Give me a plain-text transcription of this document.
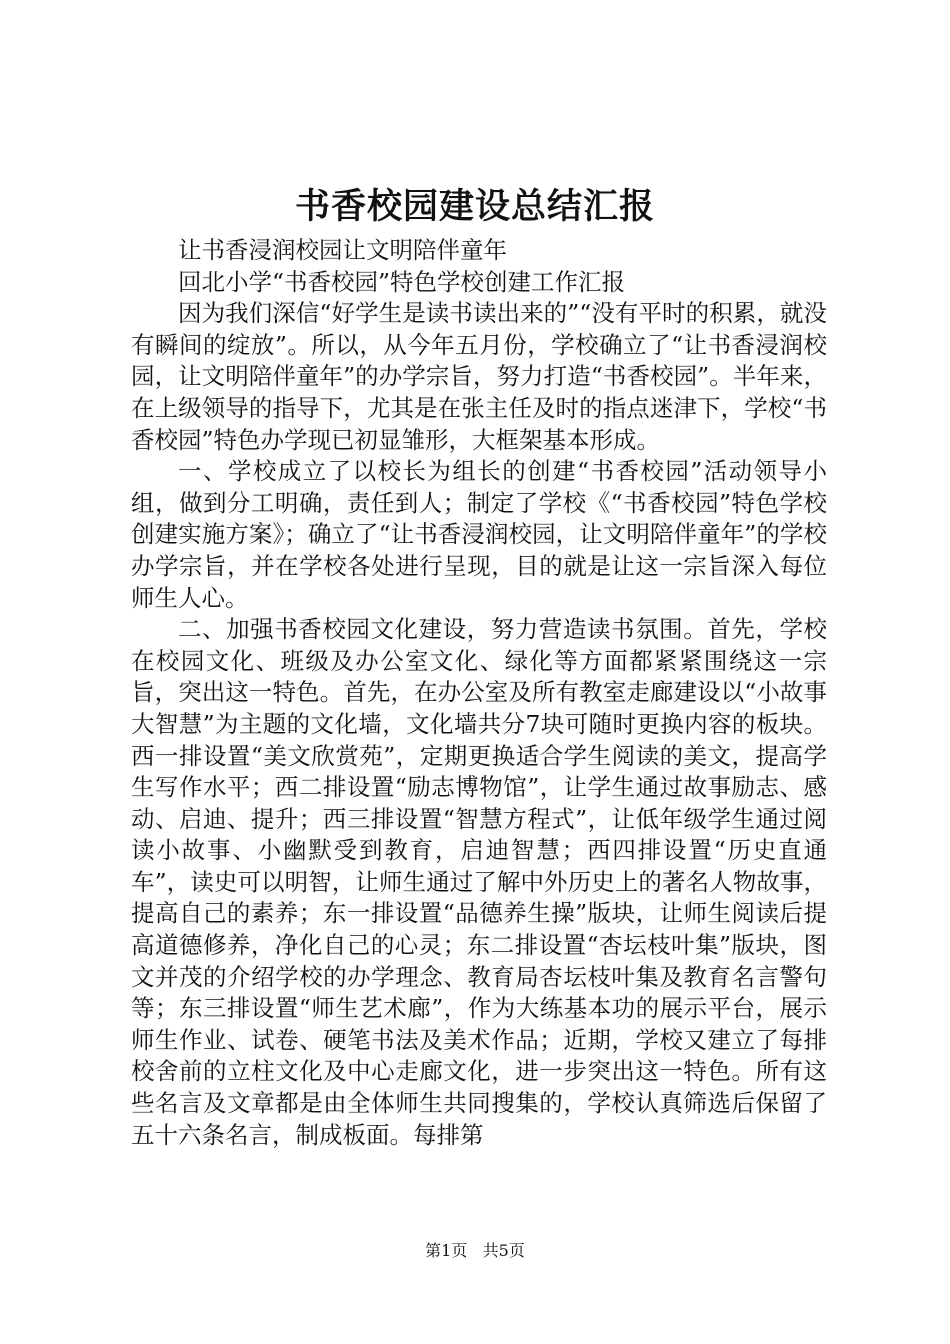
书香校园建设总结汇报

让书香浸润校园让文明陪伴童年

回北小学“书香校园”特色学校创建工作汇报

因为我们深信“好学生是读书读出来的”“没有平时的积累，就没有瞬间的绽放”。所以，从今年五月份，学校确立了“让书香浸润校园，让文明陪伴童年”的办学宗旨，努力打造“书香校园”。半年来，在上级领导的指导下，尤其是在张主任及时的指点迷津下，学校“书香校园”特色办学现已初显雏形，大框架基本形成。

一、学校成立了以校长为组长的创建“书香校园”活动领导小组，做到分工明确，责任到人；制定了学校《“书香校园”特色学校创建实施方案》；确立了“让书香浸润校园，让文明陪伴童年”的学校办学宗旨，并在学校各处进行呈现，目的就是让这一宗旨深入每位师生人心。

二、加强书香校园文化建设，努力营造读书氛围。首先，学校在校园文化、班级及办公室文化、绿化等方面都紧紧围绕这一宗旨，突出这一特色。首先，在办公室及所有教室走廊建设以“小故事大智慧”为主题的文化墙，文化墙共分7块可随时更换内容的板块。西一排设置“美文欣赏苑”，定期更换适合学生阅读的美文，提高学生写作水平；西二排设置“励志博物馆”，让学生通过故事励志、感动、启迪、提升；西三排设置“智慧方程式”，让低年级学生通过阅读小故事、小幽默受到教育，启迪智慧；西四排设置“历史直通车”，读史可以明智，让师生通过了解中外历史上的著名人物故事，提高自己的素养；东一排设置“品德养生操”版块，让师生阅读后提高道德修养，净化自己的心灵；东二排设置“杏坛枝叶集”版块，图文并茂的介绍学校的办学理念、教育局杏坛枝叶集及教育名言警句等；东三排设置“师生艺术廊”，作为大练基本功的展示平台，展示师生作业、试卷、硬笔书法及美术作品；近期，学校又建立了每排校舍前的立柱文化及中心走廊文化，进一步突出这一特色。所有这些名言及文章都是由全体师生共同搜集的，学校认真筛选后保留了五十六条名言，制成板面。每排第

第1页 共5页
